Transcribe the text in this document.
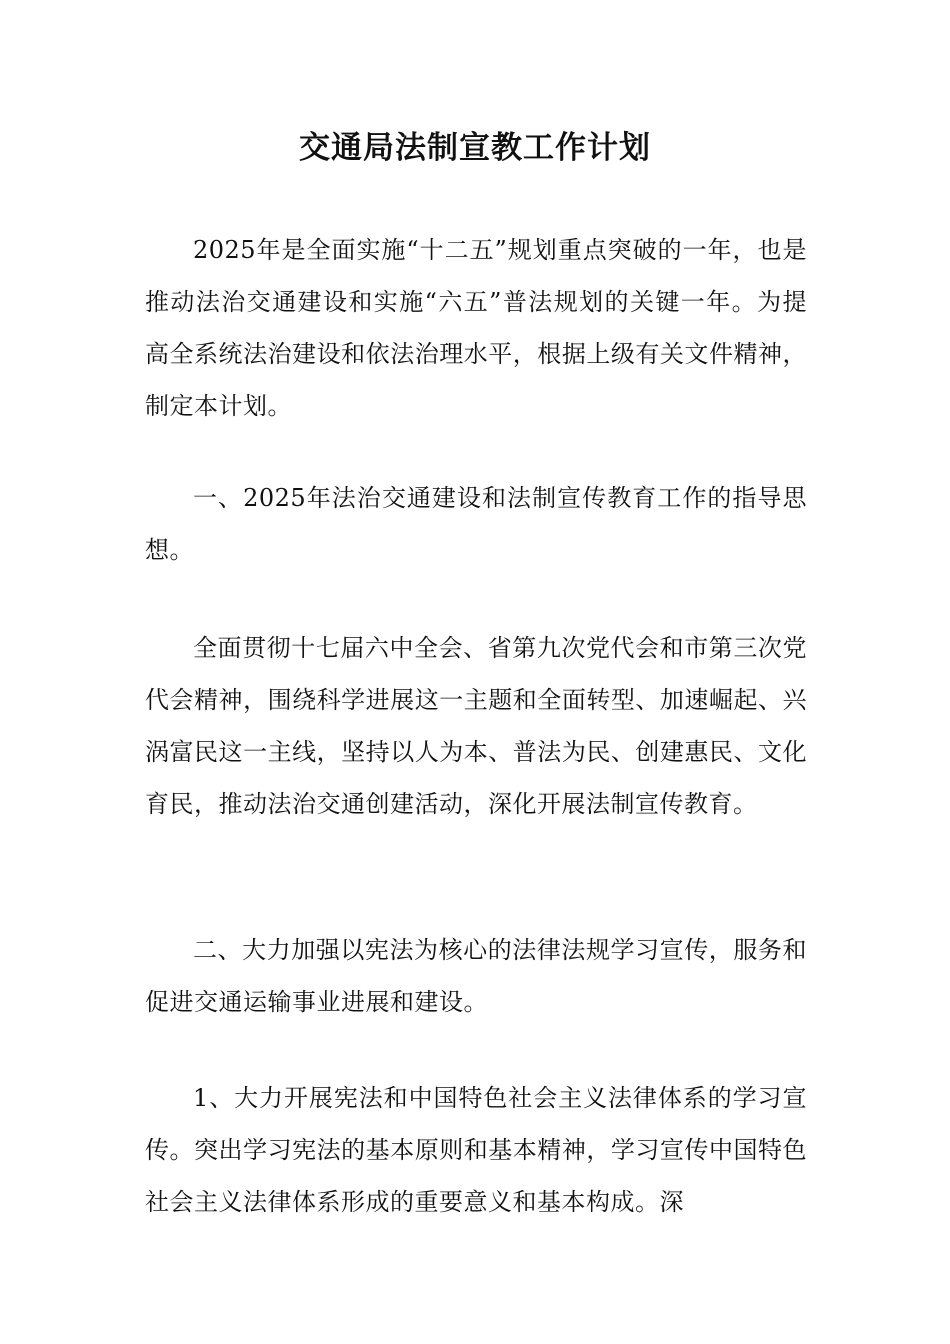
交通局法制宣教工作计划

2025年是全面实施“十二五”规划重点突破的一年，也是推动法治交通建设和实施“六五”普法规划的关键一年。为提高全系统法治建设和依法治理水平，根据上级有关文件精神，制定本计划。

一、2025年法治交通建设和法制宣传教育工作的指导思想。

全面贯彻十七届六中全会、省第九次党代会和市第三次党代会精神，围绕科学进展这一主题和全面转型、加速崛起、兴涡富民这一主线，坚持以人为本、普法为民、创建惠民、文化育民，推动法治交通创建活动，深化开展法制宣传教育。

二、大力加强以宪法为核心的法律法规学习宣传，服务和促进交通运输事业进展和建设。

1、大力开展宪法和中国特色社会主义法律体系的学习宣传。突出学习宪法的基本原则和基本精神，学习宣传中国特色社会主义法律体系形成的重要意义和基本构成。深
